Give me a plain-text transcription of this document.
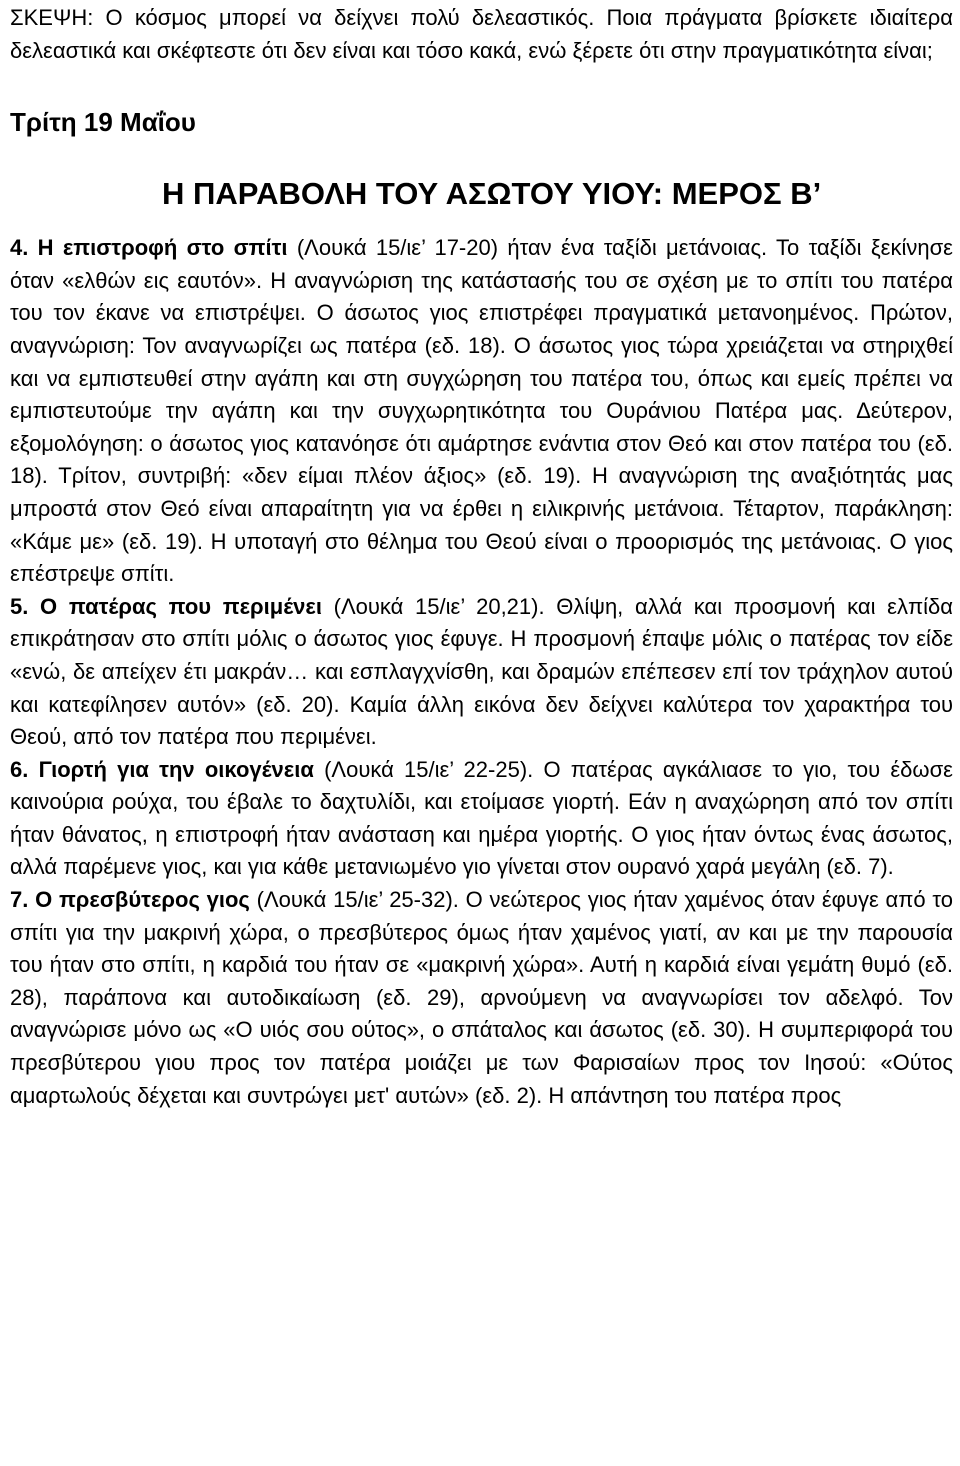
ΣΚΕΨΗ: Ο κόσμος μπορεί να δείχνει πολύ δελεαστικός. Ποια πράγματα βρίσκετε ιδιαίτερα δελεαστικά και σκέφτεστε ότι δεν είναι και τόσο κακά, ενώ ξέρετε ότι στην πραγματικότητα είναι;

Τρίτη 19 Μαΐου
Η ΠΑΡΑΒΟΛΗ ΤΟΥ ΑΣΩΤΟΥ ΥΙΟΥ: ΜΕΡΟΣ Β’

4. Η επιστροφή στο σπίτι (Λουκά 15/ιε’ 17-20) ήταν ένα ταξίδι μετάνοιας. Το ταξίδι ξεκίνησε όταν «ελθών εις εαυτόν». Η αναγνώριση της κατάστασής του σε σχέση με το σπίτι του πατέρα του τον έκανε να επιστρέψει. Ο άσωτος γιος επιστρέφει πραγματικά μετανοημένος. Πρώτον, αναγνώριση: Τον αναγνωρίζει ως πατέρα (εδ. 18). Ο άσωτος γιος τώρα χρειάζεται να στηριχθεί και να εμπιστευθεί στην αγάπη και στη συγχώρηση του πατέρα του, όπως και εμείς πρέπει να εμπιστευτούμε την αγάπη και την συγχωρητικότητα του Ουράνιου Πατέρα μας. Δεύτερον, εξομολόγηση: ο άσωτος γιος κατανόησε ότι αμάρτησε ενάντια στον Θεό και στον πατέρα του (εδ. 18). Τρίτον, συντριβή: «δεν είμαι πλέον άξιος» (εδ. 19). Η αναγνώριση της αναξιότητάς μας μπροστά στον Θεό είναι απαραίτητη για να έρθει η ειλικρινής μετάνοια. Τέταρτον, παράκληση: «Κάμε με» (εδ. 19). Η υποταγή στο θέλημα του Θεού είναι ο προορισμός της μετάνοιας. Ο γιος επέστρεψε σπίτι.

5. Ο πατέρας που περιμένει (Λουκά 15/ιε’ 20,21). Θλίψη, αλλά και προσμονή και ελπίδα επικράτησαν στο σπίτι μόλις ο άσωτος γιος έφυγε. Η προσμονή έπαψε μόλις ο πατέρας τον είδε «ενώ, δε απείχεν έτι μακράν… και εσπλαγχνίσθη, και δραμών επέπεσεν επί τον τράχηλον αυτού και κατεφίλησεν αυτόν» (εδ. 20). Καμία άλλη εικόνα δεν δείχνει καλύτερα τον χαρακτήρα του Θεού, από τον πατέρα που περιμένει.

6. Γιορτή για την οικογένεια (Λουκά 15/ιε’ 22-25). Ο πατέρας αγκάλιασε το γιο, του έδωσε καινούρια ρούχα, του έβαλε το δαχτυλίδι, και ετοίμασε γιορτή. Εάν η αναχώρηση από τον σπίτι ήταν θάνατος, η επιστροφή ήταν ανάσταση και ημέρα γιορτής. Ο γιος ήταν όντως ένας άσωτος, αλλά παρέμενε γιος, και για κάθε μετανιωμένο γιο γίνεται στον ουρανό χαρά μεγάλη (εδ. 7).

7. Ο πρεσβύτερος γιος (Λουκά 15/ιε’ 25-32). Ο νεώτερος γιος ήταν χαμένος όταν έφυγε από το σπίτι για την μακρινή χώρα, ο πρεσβύτερος όμως ήταν χαμένος γιατί, αν και με την παρουσία του ήταν στο σπίτι, η καρδιά του ήταν σε «μακρινή χώρα». Αυτή η καρδιά είναι γεμάτη θυμό (εδ. 28), παράπονα και αυτοδικαίωση (εδ. 29), αρνούμενη να αναγνωρίσει τον αδελφό. Τον αναγνώρισε μόνο ως «Ο υιός σου ούτος», ο σπάταλος και άσωτος (εδ. 30). Η συμπεριφορά του πρεσβύτερου γιου προς τον πατέρα μοιάζει με των Φαρισαίων προς τον Ιησού: «Ούτος αμαρτωλούς δέχεται και συντρώγει μετ' αυτών» (εδ. 2). Η απάντηση του πατέρα προς
